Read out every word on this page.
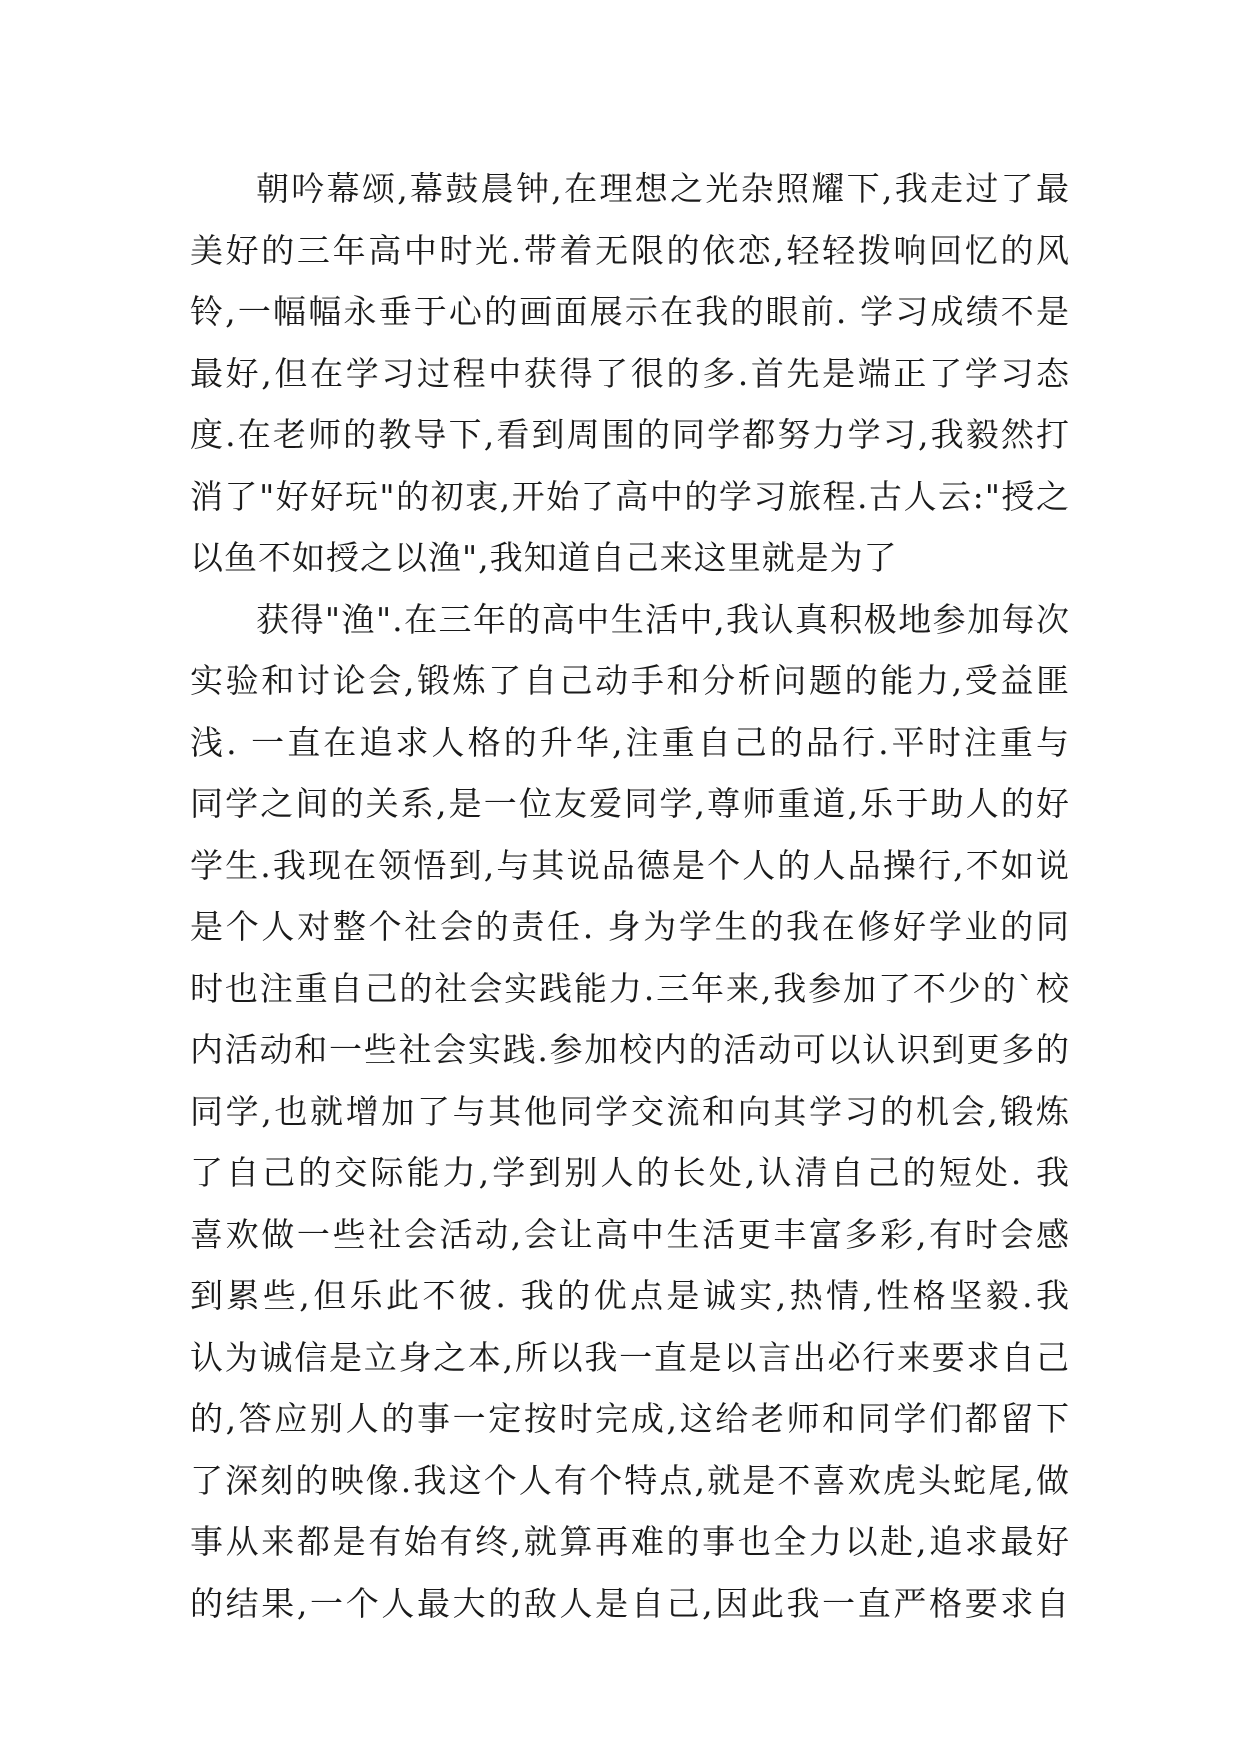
朝吟幕颂,幕鼓晨钟,在理想之光杂照耀下,我走过了最
美好的三年高中时光.带着无限的依恋,轻轻拨响回忆的风
铃,一幅幅永垂于心的画面展示在我的眼前. 学习成绩不是
最好,但在学习过程中获得了很的多.首先是端正了学习态
度.在老师的教导下,看到周围的同学都努力学习,我毅然打
消了"好好玩"的初衷,开始了高中的学习旅程.古人云:"授之
以鱼不如授之以渔",我知道自己来这里就是为了
获得"渔".在三年的高中生活中,我认真积极地参加每次
实验和讨论会,锻炼了自己动手和分析问题的能力,受益匪
浅. 一直在追求人格的升华,注重自己的品行.平时注重与
同学之间的关系,是一位友爱同学,尊师重道,乐于助人的好
学生.我现在领悟到,与其说品德是个人的人品操行,不如说
是个人对整个社会的责任. 身为学生的我在修好学业的同
时也注重自己的社会实践能力.三年来,我参加了不少的`校
内活动和一些社会实践.参加校内的活动可以认识到更多的
同学,也就增加了与其他同学交流和向其学习的机会,锻炼
了自己的交际能力,学到别人的长处,认清自己的短处. 我
喜欢做一些社会活动,会让高中生活更丰富多彩,有时会感
到累些,但乐此不彼. 我的优点是诚实,热情,性格坚毅.我
认为诚信是立身之本,所以我一直是以言出必行来要求自己
的,答应别人的事一定按时完成,这给老师和同学们都留下
了深刻的映像.我这个人有个特点,就是不喜欢虎头蛇尾,做
事从来都是有始有终,就算再难的事也全力以赴,追求最好
的结果,一个人最大的敌人是自己,因此我一直严格要求自
